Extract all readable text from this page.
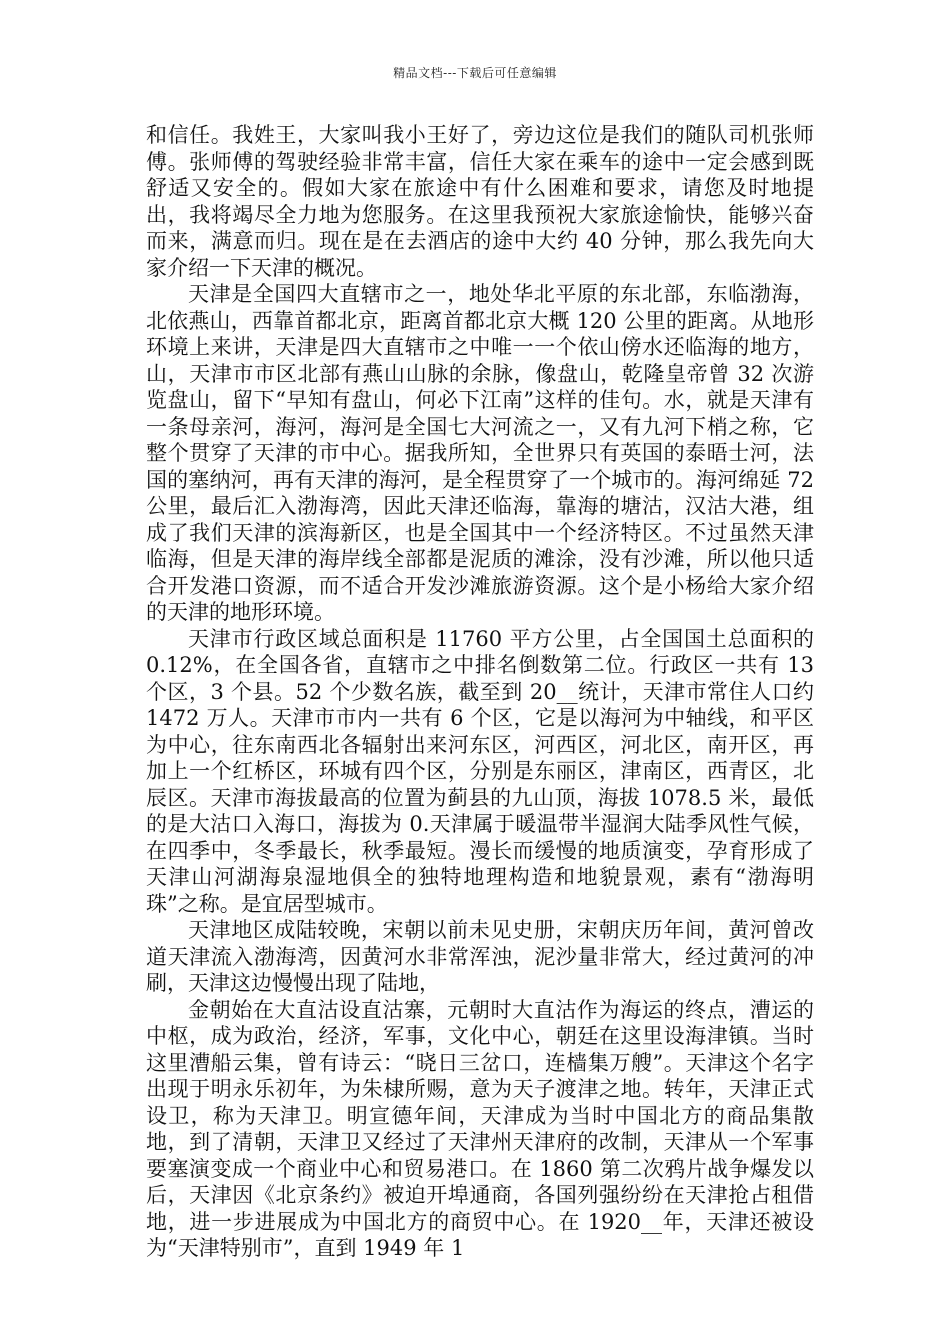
精品文档---下载后可任意编辑

和信任。我姓王，大家叫我小王好了，旁边这位是我们的随队司机张师傅。张师傅的驾驶经验非常丰富，信任大家在乘车的途中一定会感到既舒适又安全的。假如大家在旅途中有什么困难和要求，请您及时地提出，我将竭尽全力地为您服务。在这里我预祝大家旅途愉快，能够兴奋而来，满意而归。现在是在去酒店的途中大约 40 分钟，那么我先向大家介绍一下天津的概况。

天津是全国四大直辖市之一，地处华北平原的东北部，东临渤海，北依燕山，西靠首都北京，距离首都北京大概 120 公里的距离。从地形环境上来讲，天津是四大直辖市之中唯一一个依山傍水还临海的地方，山，天津市市区北部有燕山山脉的余脉，像盘山，乾隆皇帝曾 32 次游览盘山，留下“早知有盘山，何必下江南”这样的佳句。水，就是天津有一条母亲河，海河，海河是全国七大河流之一，又有九河下梢之称，它整个贯穿了天津的市中心。据我所知，全世界只有英国的泰晤士河，法国的塞纳河，再有天津的海河，是全程贯穿了一个城市的。海河绵延 72 公里，最后汇入渤海湾，因此天津还临海，靠海的塘沽，汉沽大港，组成了我们天津的滨海新区，也是全国其中一个经济特区。不过虽然天津临海，但是天津的海岸线全部都是泥质的滩涂，没有沙滩，所以他只适合开发港口资源，而不适合开发沙滩旅游资源。这个是小杨给大家介绍的天津的地形环境。

天津市行政区域总面积是 11760 平方公里，占全国国土总面积的 0.12%，在全国各省，直辖市之中排名倒数第二位。行政区一共有 13 个区，3 个县。52 个少数名族，截至到 20__统计，天津市常住人口约 1472 万人。天津市市内一共有 6 个区，它是以海河为中轴线，和平区为中心，往东南西北各辐射出来河东区，河西区，河北区，南开区，再加上一个红桥区，环城有四个区，分别是东丽区，津南区，西青区，北辰区。天津市海拔最高的位置为蓟县的九山顶，海拔 1078.5 米，最低的是大沽口入海口，海拔为 0.天津属于暖温带半湿润大陆季风性气候，在四季中，冬季最长，秋季最短。漫长而缓慢的地质演变，孕育形成了天津山河湖海泉湿地俱全的独特地理构造和地貌景观，素有“渤海明珠”之称。是宜居型城市。

天津地区成陆较晚，宋朝以前未见史册，宋朝庆历年间，黄河曾改道天津流入渤海湾，因黄河水非常浑浊，泥沙量非常大，经过黄河的冲刷，天津这边慢慢出现了陆地，

金朝始在大直沽设直沽寨，元朝时大直沽作为海运的终点，漕运的中枢，成为政治，经济，军事，文化中心，朝廷在这里设海津镇。当时这里漕船云集，曾有诗云：“晓日三岔口，连樯集万艘”。天津这个名字出现于明永乐初年，为朱棣所赐，意为天子渡津之地。转年，天津正式设卫，称为天津卫。明宣德年间，天津成为当时中国北方的商品集散地，到了清朝，天津卫又经过了天津州天津府的改制，天津从一个军事要塞演变成一个商业中心和贸易港口。在 1860 第二次鸦片战争爆发以后，天津因《北京条约》被迫开埠通商，各国列强纷纷在天津抢占租借地，进一步进展成为中国北方的商贸中心。在 1920__年，天津还被设为“天津特别市”，直到 1949 年 1
